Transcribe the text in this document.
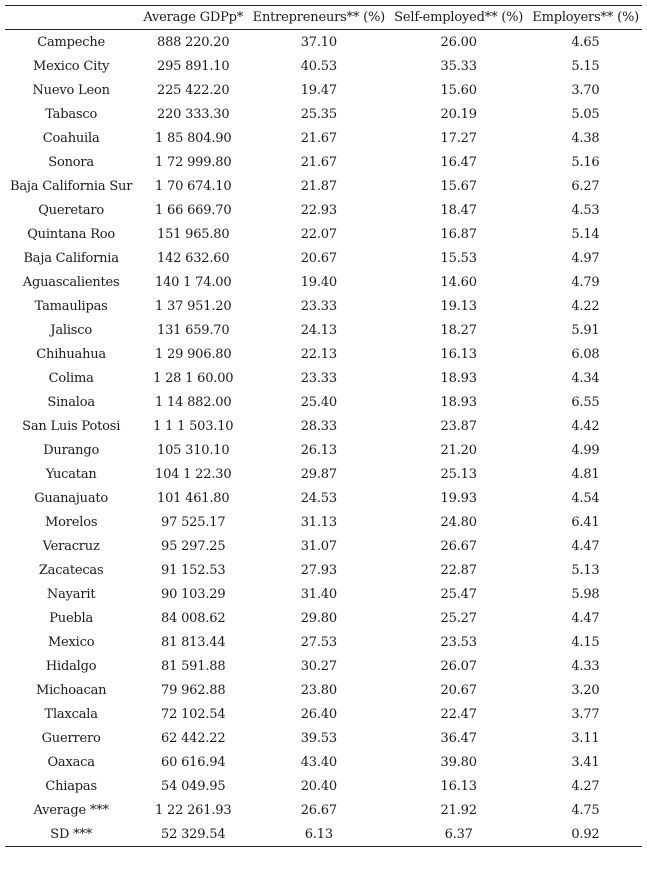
	Average GDPp*	Entrepreneurs** (%)	Self-employed** (%)	Employers** (%)
Campeche	888 220.20	37.10	26.00	4.65
Mexico City	295 891.10	40.53	35.33	5.15
Nuevo Leon	225 422.20	19.47	15.60	3.70
Tabasco	220 333.30	25.35	20.19	5.05
Coahuila	1 85 804.90	21.67	17.27	4.38
Sonora	1 72 999.80	21.67	16.47	5.16
Baja California Sur	1 70 674.10	21.87	15.67	6.27
Queretaro	1 66 669.70	22.93	18.47	4.53
Quintana Roo	151 965.80	22.07	16.87	5.14
Baja California	142 632.60	20.67	15.53	4.97
Aguascalientes	140 1 74.00	19.40	14.60	4.79
Tamaulipas	1 37 951.20	23.33	19.13	4.22
Jalisco	131 659.70	24.13	18.27	5.91
Chihuahua	1 29 906.80	22.13	16.13	6.08
Colima	1 28 1 60.00	23.33	18.93	4.34
Sinaloa	1 14 882.00	25.40	18.93	6.55
San Luis Potosi	1 1 1 503.10	28.33	23.87	4.42
Durango	105 310.10	26.13	21.20	4.99
Yucatan	104 1 22.30	29.87	25.13	4.81
Guanajuato	101 461.80	24.53	19.93	4.54
Morelos	97 525.17	31.13	24.80	6.41
Veracruz	95 297.25	31.07	26.67	4.47
Zacatecas	91 152.53	27.93	22.87	5.13
Nayarit	90 103.29	31.40	25.47	5.98
Puebla	84 008.62	29.80	25.27	4.47
Mexico	81 813.44	27.53	23.53	4.15
Hidalgo	81 591.88	30.27	26.07	4.33
Michoacan	79 962.88	23.80	20.67	3.20
Tlaxcala	72 102.54	26.40	22.47	3.77
Guerrero	62 442.22	39.53	36.47	3.11
Oaxaca	60 616.94	43.40	39.80	3.41
Chiapas	54 049.95	20.40	16.13	4.27
Average ***	1 22 261.93	26.67	21.92	4.75
SD ***	52 329.54	6.13	6.37	0.92
